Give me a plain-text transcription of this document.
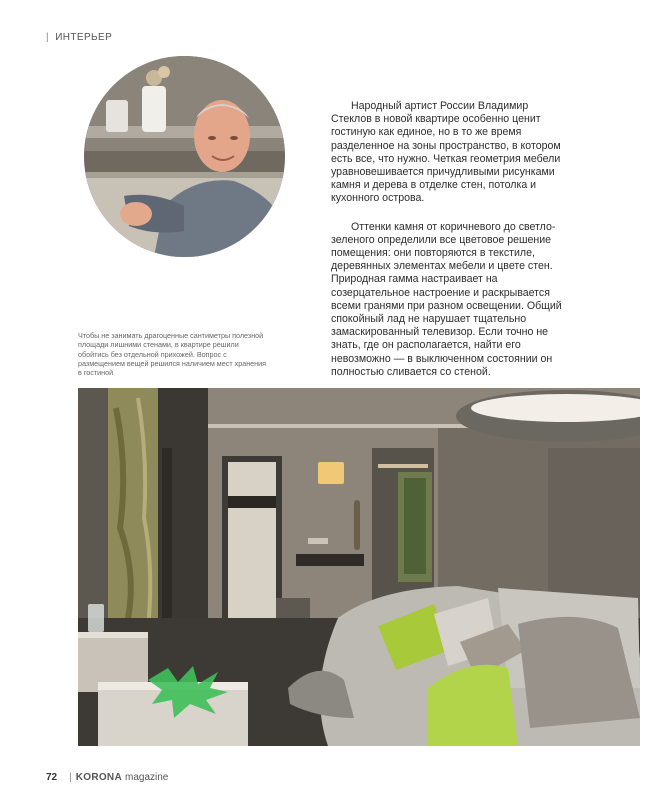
| ИНТЕРЬЕР

Народный артист России Владимир Стеклов в новой квартире особенно ценит гостиную как единое, но в то же время разделенное на зоны пространство, в котором есть все, что нужно. Четкая геометрия мебели уравновешивается причудливыми рисунками камня и дерева в отделке стен, потолка и кухонного острова.

Оттенки камня от коричневого до светло-зеленого определили все цветовое решение помещения: они повторяются в текстиле, деревянных элементах мебели и цвете стен. Природная гамма настраивает на созерцательное настроение и раскрывается всеми гранями при разном освещении. Общий спокойный лад не нарушает тщательно замаскированный телевизор. Если точно не знать, где он располагается, найти его невозможно — в выключенном состоянии он полностью сливается со стеной.

Чтобы не занимать драгоценные сантиметры полезной площади лишними стенами, в квартире решили обойтись без отдельной прихожей. Вопрос с размещением вещей решился наличием мест хранения в гостиной
72 | KORONA magazine
